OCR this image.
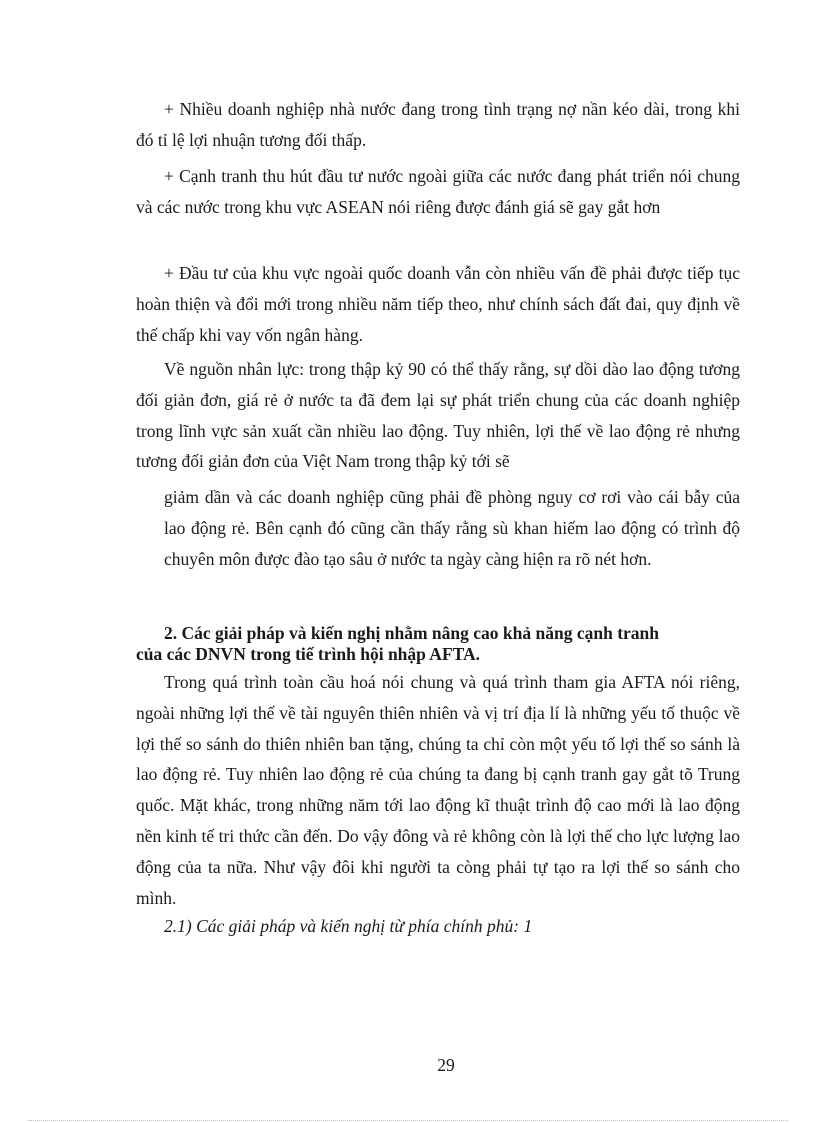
+ Nhiều doanh nghiệp nhà nước đang trong tình trạng nợ nần kéo dài, trong khi đó tỉ lệ lợi nhuận tương đối thấp.

+ Cạnh tranh thu hút đầu tư nước ngoài giữa các nước đang phát triển nói chung và các nước trong khu vực ASEAN nói riêng được đánh giá sẽ gay gắt hơn

+ Đầu tư của khu vực ngoài quốc doanh vẫn còn nhiều vấn đề phải được tiếp tục hoàn thiện và đổi mới trong nhiều năm tiếp theo, như chính sách đất đai, quy định về thế chấp khi vay vốn ngân hàng.

Về nguồn nhân lực: trong thập kỷ 90 có thể thấy rằng, sự dồi dào lao động tương đối giản đơn, giá rẻ ở nước ta đã đem lại sự phát triển chung của các doanh nghiệp trong lĩnh vực sản xuất cần nhiều lao động. Tuy nhiên, lợi thế về lao động rẻ nhưng tương đối giản đơn của Việt Nam trong thập kỷ tới sẽ

giảm dần và các doanh nghiệp cũng phải đề phòng nguy cơ rơi vào cái bẫy của lao động rẻ. Bên cạnh đó cũng cần thấy rằng sù khan hiếm lao động có trình độ chuyên môn được đào tạo sâu ở nước ta ngày càng hiện ra rõ nét hơn.

2. Các giải pháp và kiến nghị nhằm nâng cao khả năng cạnh tranh
của các DNVN trong tiế trình hội nhập AFTA.

Trong quá trình toàn cầu hoá nói chung và quá trình tham gia AFTA nói riêng, ngoài những lợi thế về tài nguyên thiên nhiên và vị trí địa lí là những yếu tố thuộc về lợi thế so sánh do thiên nhiên ban tặng, chúng ta chỉ còn một yếu tố lợi thế so sánh là lao động rẻ. Tuy nhiên lao động rẻ của chúng ta đang bị cạnh tranh gay gắt tõ Trung quốc. Mặt khác, trong những năm tới lao động kĩ thuật trình độ cao mới là lao động nền kinh tế tri thức cần đến. Do vậy đông và rẻ không còn là lợi thế cho lực lượng lao động của ta nữa. Như vậy đôi khi người ta còng phải tự tạo ra lợi thế so sánh cho mình.

2.1) Các giải pháp và kiến nghị từ phía chính phủ: 1

29
